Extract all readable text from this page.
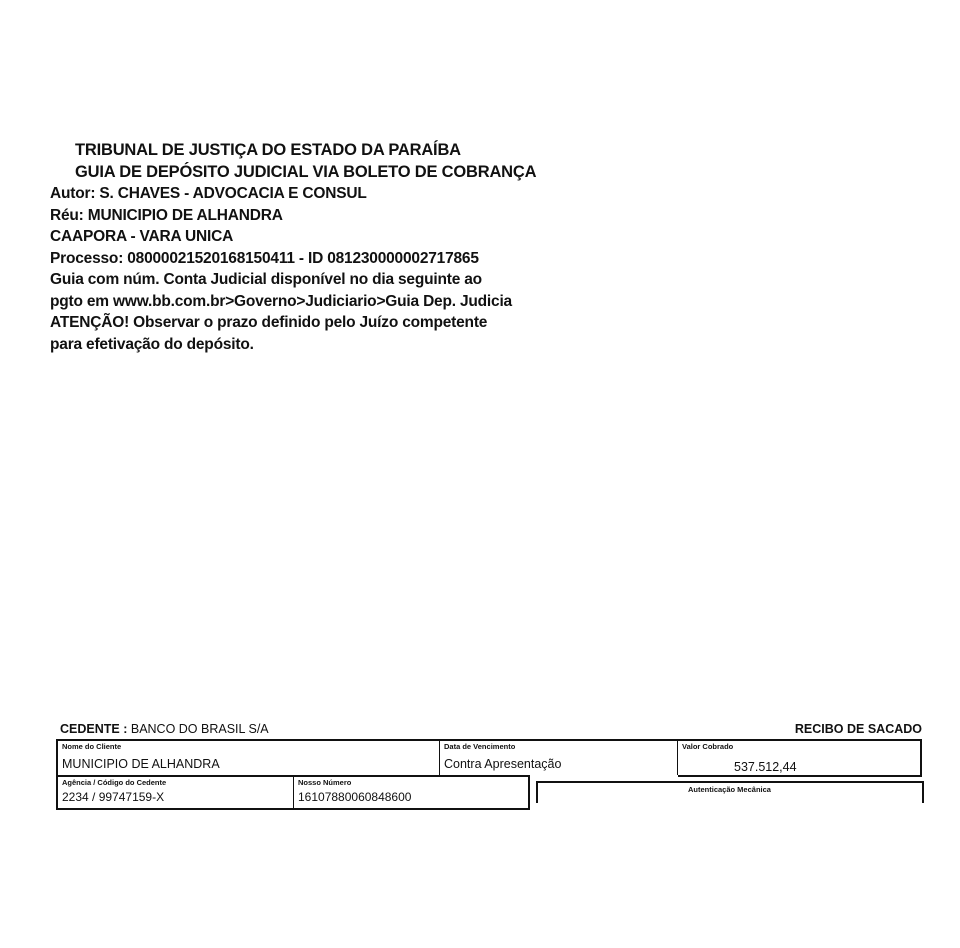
TRIBUNAL DE JUSTIÇA DO ESTADO DA PARAÍBA
GUIA DE DEPÓSITO JUDICIAL VIA BOLETO DE COBRANÇA
Autor: S. CHAVES - ADVOCACIA E CONSUL
Réu: MUNICIPIO DE ALHANDRA
CAAPORA - VARA UNICA
Processo: 08000021520168150411 - ID 081230000002717865
Guia com núm. Conta Judicial disponível no dia seguinte ao
pgto em www.bb.com.br>Governo>Judiciario>Guia Dep. Judicia
ATENÇÃO! Observar o prazo definido pelo Juízo competente
para efetivação do depósito.
CEDENTE : BANCO DO BRASIL S/A	RECIBO DE SACADO
Nome do Cliente
MUNICIPIO DE ALHANDRA
Data de Vencimento
Contra Apresentação
Valor Cobrado
537.512,44
Agência / Código do Cedente
2234 / 99747159-X
Nosso Número
16107880060848600
Autenticação Mecânica
